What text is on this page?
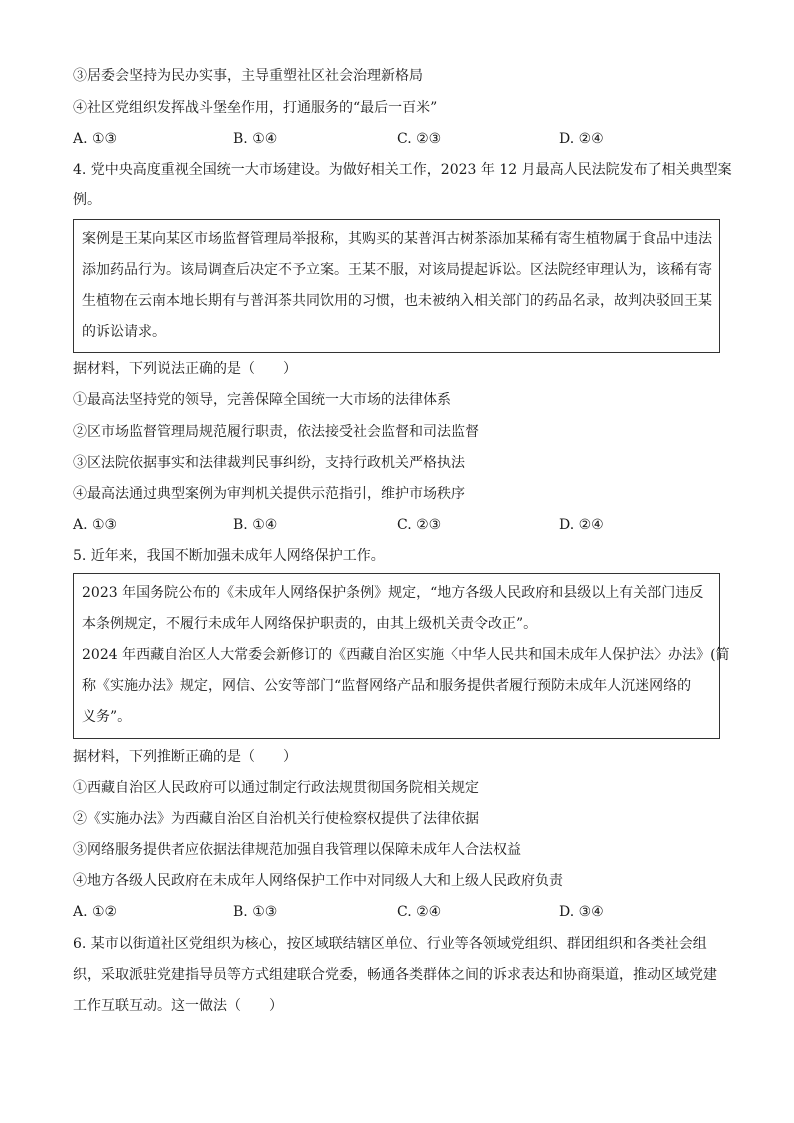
③居委会坚持为民办实事，主导重塑社区社会治理新格局
④社区党组织发挥战斗堡垒作用，打通服务的“最后一百米”
A. ①③	B. ①④	C. ②③	D. ②④
4. 党中央高度重视全国统一大市场建设。为做好相关工作，2023 年 12 月最高人民法院发布了相关典型案
例。
案例是王某向某区市场监督管理局举报称，其购买的某普洱古树茶添加某稀有寄生植物属于食品中违法
添加药品行为。该局调查后决定不予立案。王某不服，对该局提起诉讼。区法院经审理认为，该稀有寄
生植物在云南本地长期有与普洱茶共同饮用的习惯，也未被纳入相关部门的药品名录，故判决驳回王某
的诉讼请求。
据材料，下列说法正确的是（　　）
①最高法坚持党的领导，完善保障全国统一大市场的法律体系
②区市场监督管理局规范履行职责，依法接受社会监督和司法监督
③区法院依据事实和法律裁判民事纠纷，支持行政机关严格执法
④最高法通过典型案例为审判机关提供示范指引，维护市场秩序
A. ①③	B. ①④	C. ②③	D. ②④
5. 近年来，我国不断加强未成年人网络保护工作。
2023 年国务院公布的《未成年人网络保护条例》规定，“地方各级人民政府和县级以上有关部门违反
本条例规定，不履行未成年人网络保护职责的，由其上级机关责令改正”。
2024 年西藏自治区人大常委会新修订的《西藏自治区实施〈中华人民共和国未成年人保护法〉办法》(简
称《实施办法》规定，网信、公安等部门“监督网络产品和服务提供者履行预防未成年人沉迷网络的
义务”。
据材料，下列推断正确的是（　　）
①西藏自治区人民政府可以通过制定行政法规贯彻国务院相关规定
②《实施办法》为西藏自治区自治机关行使检察权提供了法律依据
③网络服务提供者应依据法律规范加强自我管理以保障未成年人合法权益
④地方各级人民政府在未成年人网络保护工作中对同级人大和上级人民政府负责
A. ①②	B. ①③	C. ②④	D. ③④
6. 某市以街道社区党组织为核心，按区域联结辖区单位、行业等各领域党组织、群团组织和各类社会组
织，采取派驻党建指导员等方式组建联合党委，畅通各类群体之间的诉求表达和协商渠道，推动区域党建
工作互联互动。这一做法（　　）
